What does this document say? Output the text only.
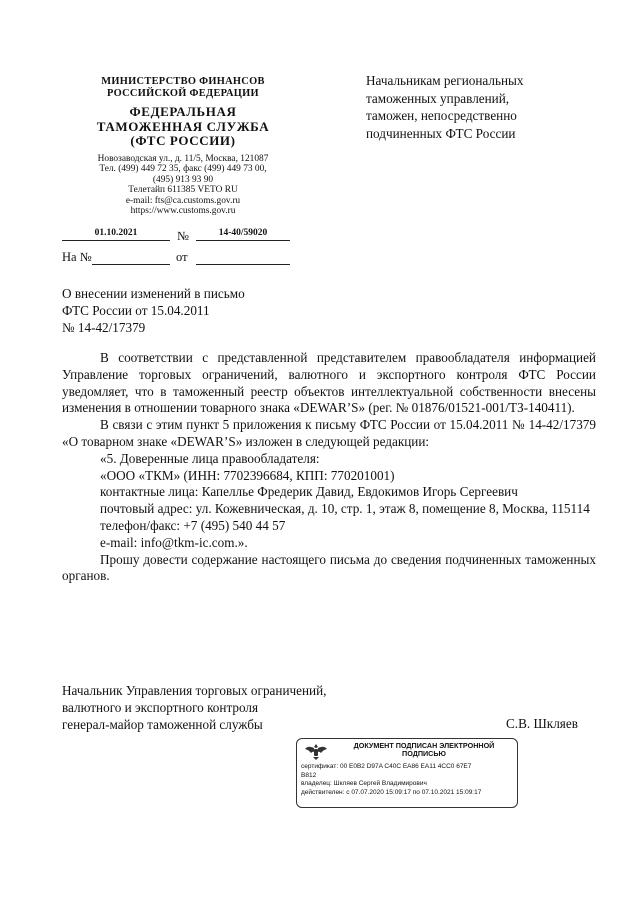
МИНИСТЕРСТВО ФИНАНСОВ
РОССИЙСКОЙ ФЕДЕРАЦИИ
ФЕДЕРАЛЬНАЯ
ТАМОЖЕННАЯ СЛУЖБА
(ФТС РОССИИ)
Новозаводская ул., д. 11/5, Москва, 121087
Тел. (499) 449 72 35, факс (499) 449 73 00,
(495) 913 93 90
Телетайп 611385 VETO RU
e-mail: fts@ca.customs.gov.ru
https://www.customs.gov.ru
01.10.2021	№	14-40/59020
На №	от
Начальникам региональных
таможенных управлений,
таможен, непосредственно
подчиненных ФТС России
О внесении изменений в письмо
ФТС России от 15.04.2011
№ 14-42/17379

В соответствии с представленной представителем правообладателя информацией Управление торговых ограничений, валютного и экспортного контроля ФТС России уведомляет, что в таможенный реестр объектов интеллектуальной собственности внесены изменения в отношении товарного знака «DEWAR’S» (рег. № 01876/01521-001/ТЗ-140411).

В связи с этим пункт 5 приложения к письму ФТС России от 15.04.2011 № 14-42/17379 «О товарном знаке «DEWAR’S» изложен в следующей редакции:

«5. Доверенные лица правообладателя:

«ООО «ТКМ» (ИНН: 7702396684, КПП: 770201001)

контактные лица: Капеллье Фредерик Давид, Евдокимов Игорь Сергеевич

почтовый адрес: ул. Кожевническая, д. 10, стр. 1, этаж 8, помещение 8, Москва, 115114

телефон/факс: +7 (495) 540 44 57

e-mail: info@tkm-ic.com.».

Прошу довести содержание настоящего письма до сведения подчиненных таможенных органов.

Начальник Управления торговых ограничений,
валютного и экспортного контроля
генерал-майор таможенной службы	С.В. Шкляев
ДОКУМЕНТ ПОДПИСАН ЭЛЕКТРОННОЙ
ПОДПИСЬЮ
сертификат: 00 E0B2 D97A C40C EA86 EA11 4CC0 67E7
B812
владелец: Шкляев Сергей Владимирович
действителен: с 07.07.2020 15:09:17 по 07.10.2021 15:09:17
